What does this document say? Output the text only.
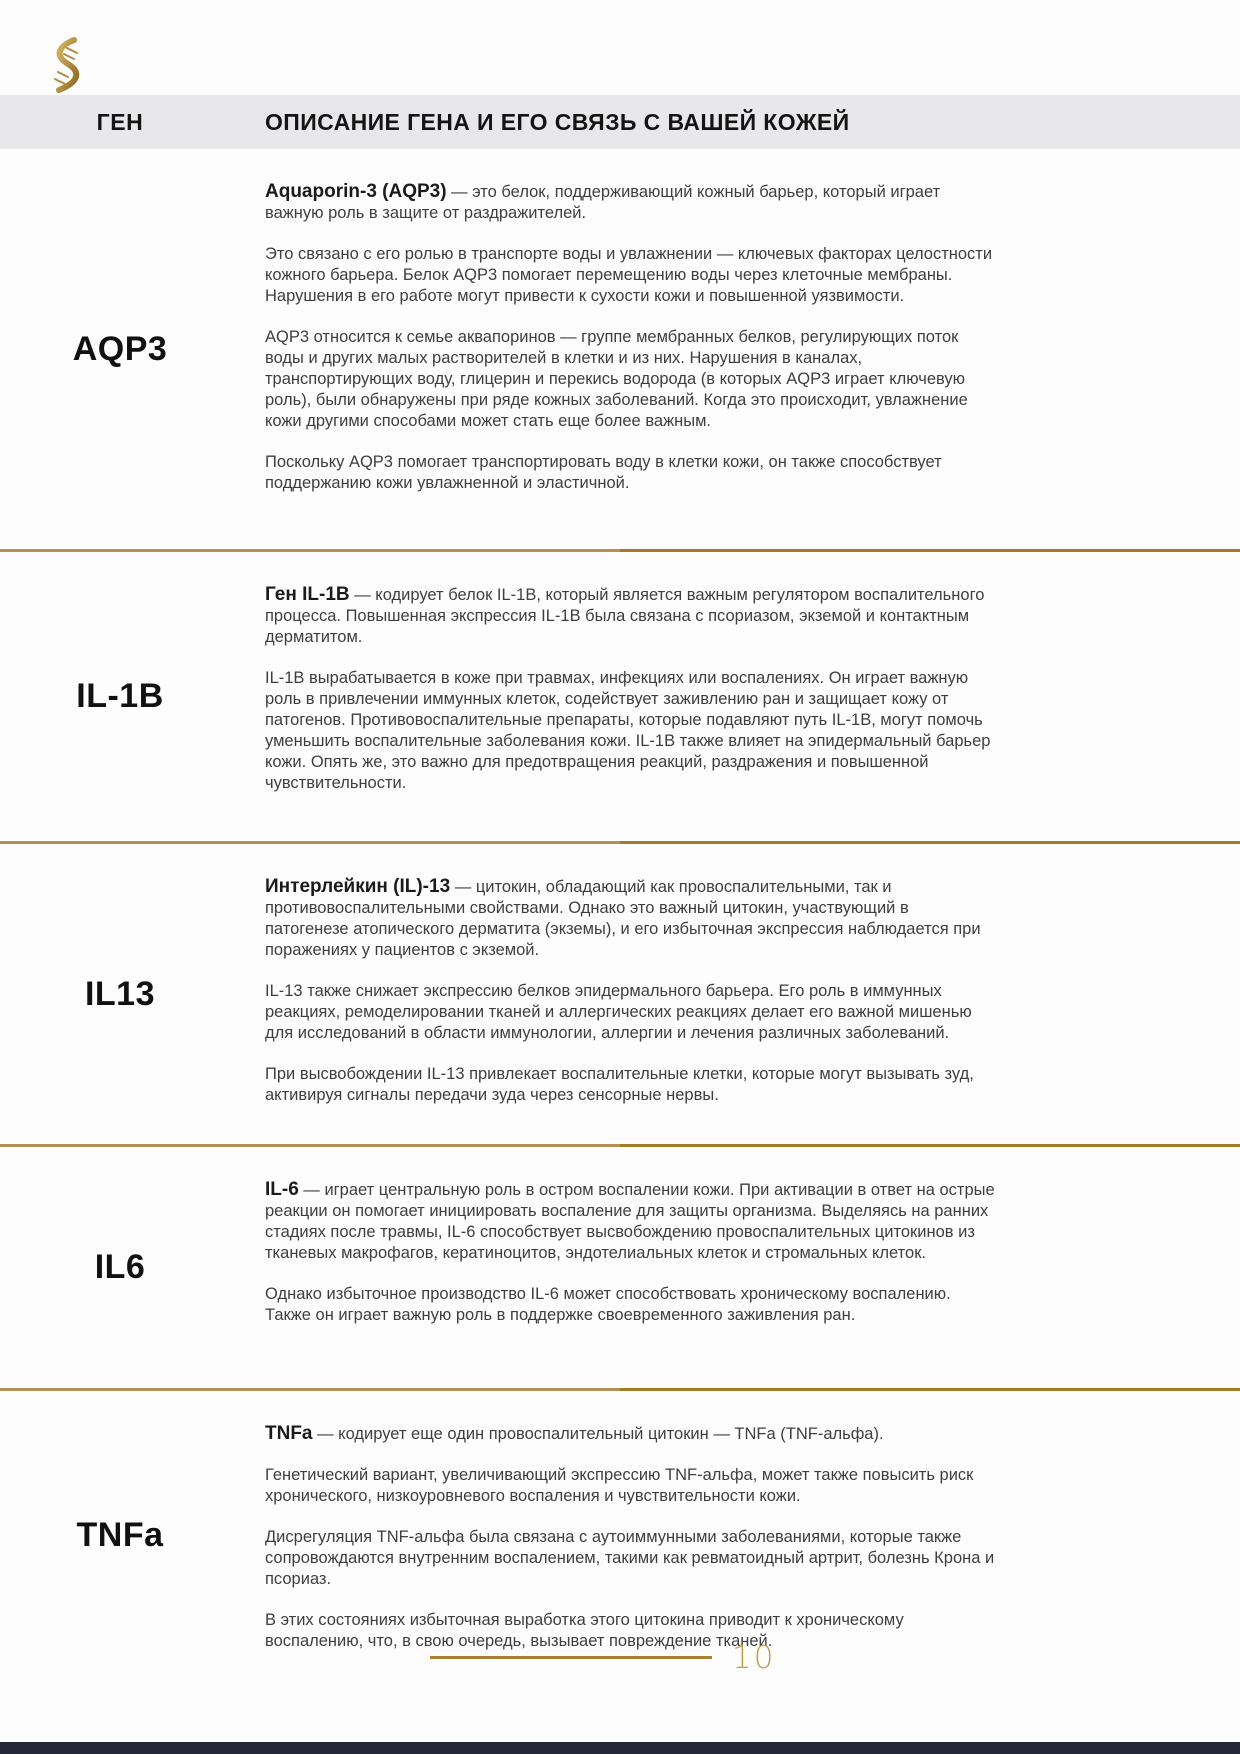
ГЕН	ОПИСАНИЕ ГЕНА И ЕГО СВЯЗЬ С ВАШЕЙ КОЖЕЙ
AQP3

Aquaporin-3 (AQP3) — это белок, поддерживающий кожный барьер, который играет важную роль в защите от раздражителей.

Это связано с его ролью в транспорте воды и увлажнении — ключевых факторах целостности кожного барьера. Белок AQP3 помогает перемещению воды через клеточные мембраны. Нарушения в его работе могут привести к сухости кожи и повышенной уязвимости.

AQP3 относится к семье аквапоринов — группе мембранных белков, регулирующих поток воды и других малых растворителей в клетки и из них. Нарушения в каналах, транспортирующих воду, глицерин и перекись водорода (в которых AQP3 играет ключевую роль), были обнаружены при ряде кожных заболеваний. Когда это происходит, увлажнение кожи другими способами может стать еще более важным.

Поскольку AQP3 помогает транспортировать воду в клетки кожи, он также способствует поддержанию кожи увлажненной и эластичной.

IL-1B

Ген IL-1B — кодирует белок IL-1B, который является важным регулятором воспалительного процесса. Повышенная экспрессия IL-1B была связана с псориазом, экземой и контактным дерматитом.

IL-1B вырабатывается в коже при травмах, инфекциях или воспалениях. Он играет важную роль в привлечении иммунных клеток, содействует заживлению ран и защищает кожу от патогенов. Противовоспалительные препараты, которые подавляют путь IL-1B, могут помочь уменьшить воспалительные заболевания кожи. IL-1B также влияет на эпидермальный барьер кожи. Опять же, это важно для предотвращения реакций, раздражения и повышенной чувствительности.

IL13

Интерлейкин (IL)-13 — цитокин, обладающий как провоспалительными, так и противовоспалительными свойствами. Однако это важный цитокин, участвующий в патогенезе атопического дерматита (экземы), и его избыточная экспрессия наблюдается при поражениях у пациентов с экземой.

IL-13 также снижает экспрессию белков эпидермального барьера. Его роль в иммунных реакциях, ремоделировании тканей и аллергических реакциях делает его важной мишенью для исследований в области иммунологии, аллергии и лечения различных заболеваний.

При высвобождении IL-13 привлекает воспалительные клетки, которые могут вызывать зуд, активируя сигналы передачи зуда через сенсорные нервы.

IL6

IL-6 — играет центральную роль в остром воспалении кожи. При активации в ответ на острые реакции он помогает инициировать воспаление для защиты организма. Выделяясь на ранних стадиях после травмы, IL-6 способствует высвобождению провоспалительных цитокинов из тканевых макрофагов, кератиноцитов, эндотелиальных клеток и стромальных клеток.

Однако избыточное производство IL-6 может способствовать хроническому воспалению. Также он играет важную роль в поддержке своевременного заживления ран.

TNFa

TNFa — кодирует еще один провоспалительный цитокин — TNFa (TNF-альфа).

Генетический вариант, увеличивающий экспрессию TNF-альфа, может также повысить риск хронического, низкоуровневого воспаления и чувствительности кожи.

Дисрегуляция TNF-альфа была связана с аутоиммунными заболеваниями, которые также сопровождаются внутренним воспалением, такими как ревматоидный артрит, болезнь Крона и псориаз.

В этих состояниях избыточная выработка этого цитокина приводит к хроническому воспалению, что, в свою очередь, вызывает повреждение тканей.

10
